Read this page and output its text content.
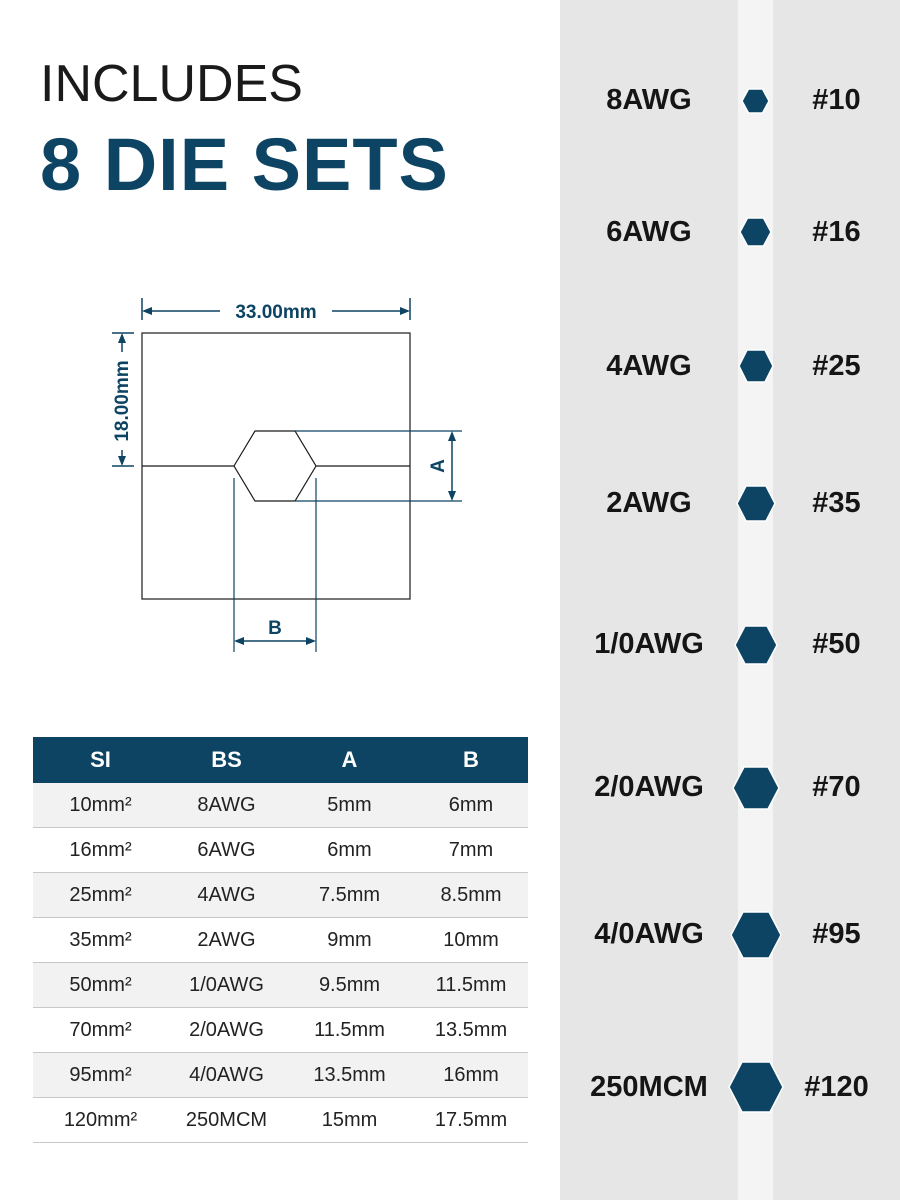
INCLUDES
8 DIE SETS
33.00mm
18.00mm
A
B
SI	BS	A	B
10mm²	8AWG	5mm	6mm
16mm²	6AWG	6mm	7mm
25mm²	4AWG	7.5mm	8.5mm
35mm²	2AWG	9mm	10mm
50mm²	1/0AWG	9.5mm	11.5mm
70mm²	2/0AWG	11.5mm	13.5mm
95mm²	4/0AWG	13.5mm	16mm
120mm²	250MCM	15mm	17.5mm
8AWG	#10
6AWG	#16
4AWG	#25
2AWG	#35
1/0AWG	#50
2/0AWG	#70
4/0AWG	#95
250MCM	#120
